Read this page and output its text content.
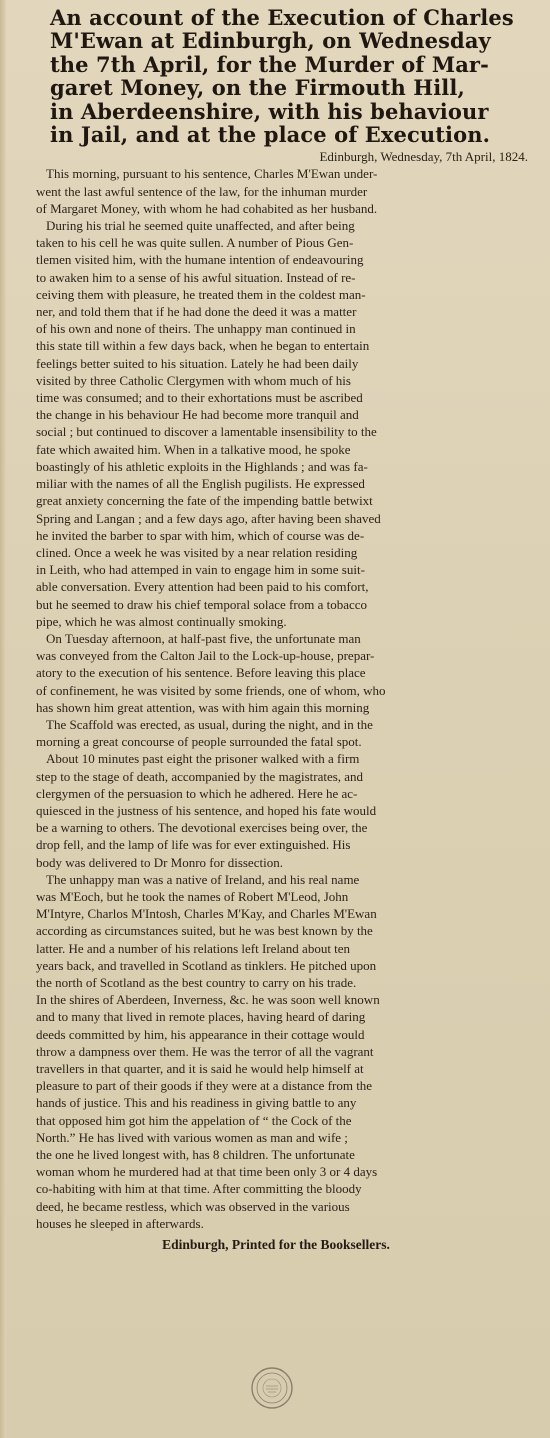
An account of the Execution of Charles
M'Ewan at Edinburgh, on Wednesday
the 7th April, for the Murder of Mar-
garet Money, on the Firmouth Hill,
in Aberdeenshire, with his behaviour
in Jail, and at the place of Execution.
Edinburgh, Wednesday, 7th April, 1824.

This morning, pursuant to his sentence, Charles M'Ewan under-
went the last awful sentence of the law, for the inhuman murder
of Margaret Money, with whom he had cohabited as her husband.

During his trial he seemed quite unaffected, and after being
taken to his cell he was quite sullen. A number of Pious Gen-
tlemen visited him, with the humane intention of endeavouring
to awaken him to a sense of his awful situation. Instead of re-
ceiving them with pleasure, he treated them in the coldest man-
ner, and told them that if he had done the deed it was a matter
of his own and none of theirs. The unhappy man continued in
this state till within a few days back, when he began to entertain
feelings better suited to his situation. Lately he had been daily
visited by three Catholic Clergymen with whom much of his
time was consumed; and to their exhortations must be ascribed
the change in his behaviour He had become more tranquil and
social ; but continued to discover a lamentable insensibility to the
fate which awaited him. When in a talkative mood, he spoke
boastingly of his athletic exploits in the Highlands ; and was fa-
miliar with the names of all the English pugilists. He expressed
great anxiety concerning the fate of the impending battle betwixt
Spring and Langan ; and a few days ago, after having been shaved
he invited the barber to spar with him, which of course was de-
clined. Once a week he was visited by a near relation residing
in Leith, who had attemped in vain to engage him in some suit-
able conversation. Every attention had been paid to his comfort,
but he seemed to draw his chief temporal solace from a tobacco
pipe, which he was almost continually smoking.

On Tuesday afternoon, at half-past five, the unfortunate man
was conveyed from the Calton Jail to the Lock-up-house, prepar-
atory to the execution of his sentence. Before leaving this place
of confinement, he was visited by some friends, one of whom, who
has shown him great attention, was with him again this morning

The Scaffold was erected, as usual, during the night, and in the
morning a great concourse of people surrounded the fatal spot.

About 10 minutes past eight the prisoner walked with a firm
step to the stage of death, accompanied by the magistrates, and
clergymen of the persuasion to which he adhered. Here he ac-
quiesced in the justness of his sentence, and hoped his fate would
be a warning to others. The devotional exercises being over, the
drop fell, and the lamp of life was for ever extinguished. His
body was delivered to Dr Monro for dissection.

The unhappy man was a native of Ireland, and his real name
was M'Eoch, but he took the names of Robert M'Leod, John
M'Intyre, Charlos M'Intosh, Charles M'Kay, and Charles M'Ewan
according as circumstances suited, but he was best known by the
latter. He and a number of his relations left Ireland about ten
years back, and travelled in Scotland as tinklers. He pitched upon
the north of Scotland as the best country to carry on his trade.
In the shires of Aberdeen, Inverness, &c. he was soon well known
and to many that lived in remote places, having heard of daring
deeds committed by him, his appearance in their cottage would
throw a dampness over them. He was the terror of all the vagrant
travellers in that quarter, and it is said he would help himself at
pleasure to part of their goods if they were at a distance from the
hands of justice. This and his readiness in giving battle to any
that opposed him got him the appelation of “ the Cock of the
North.” He has lived with various women as man and wife ;
the one he lived longest with, has 8 children. The unfortunate
woman whom he murdered had at that time been only 3 or 4 days
co-habiting with him at that time. After committing the bloody
deed, he became restless, which was observed in the various
houses he sleeped in afterwards.

Edinburgh, Printed for the Booksellers.
